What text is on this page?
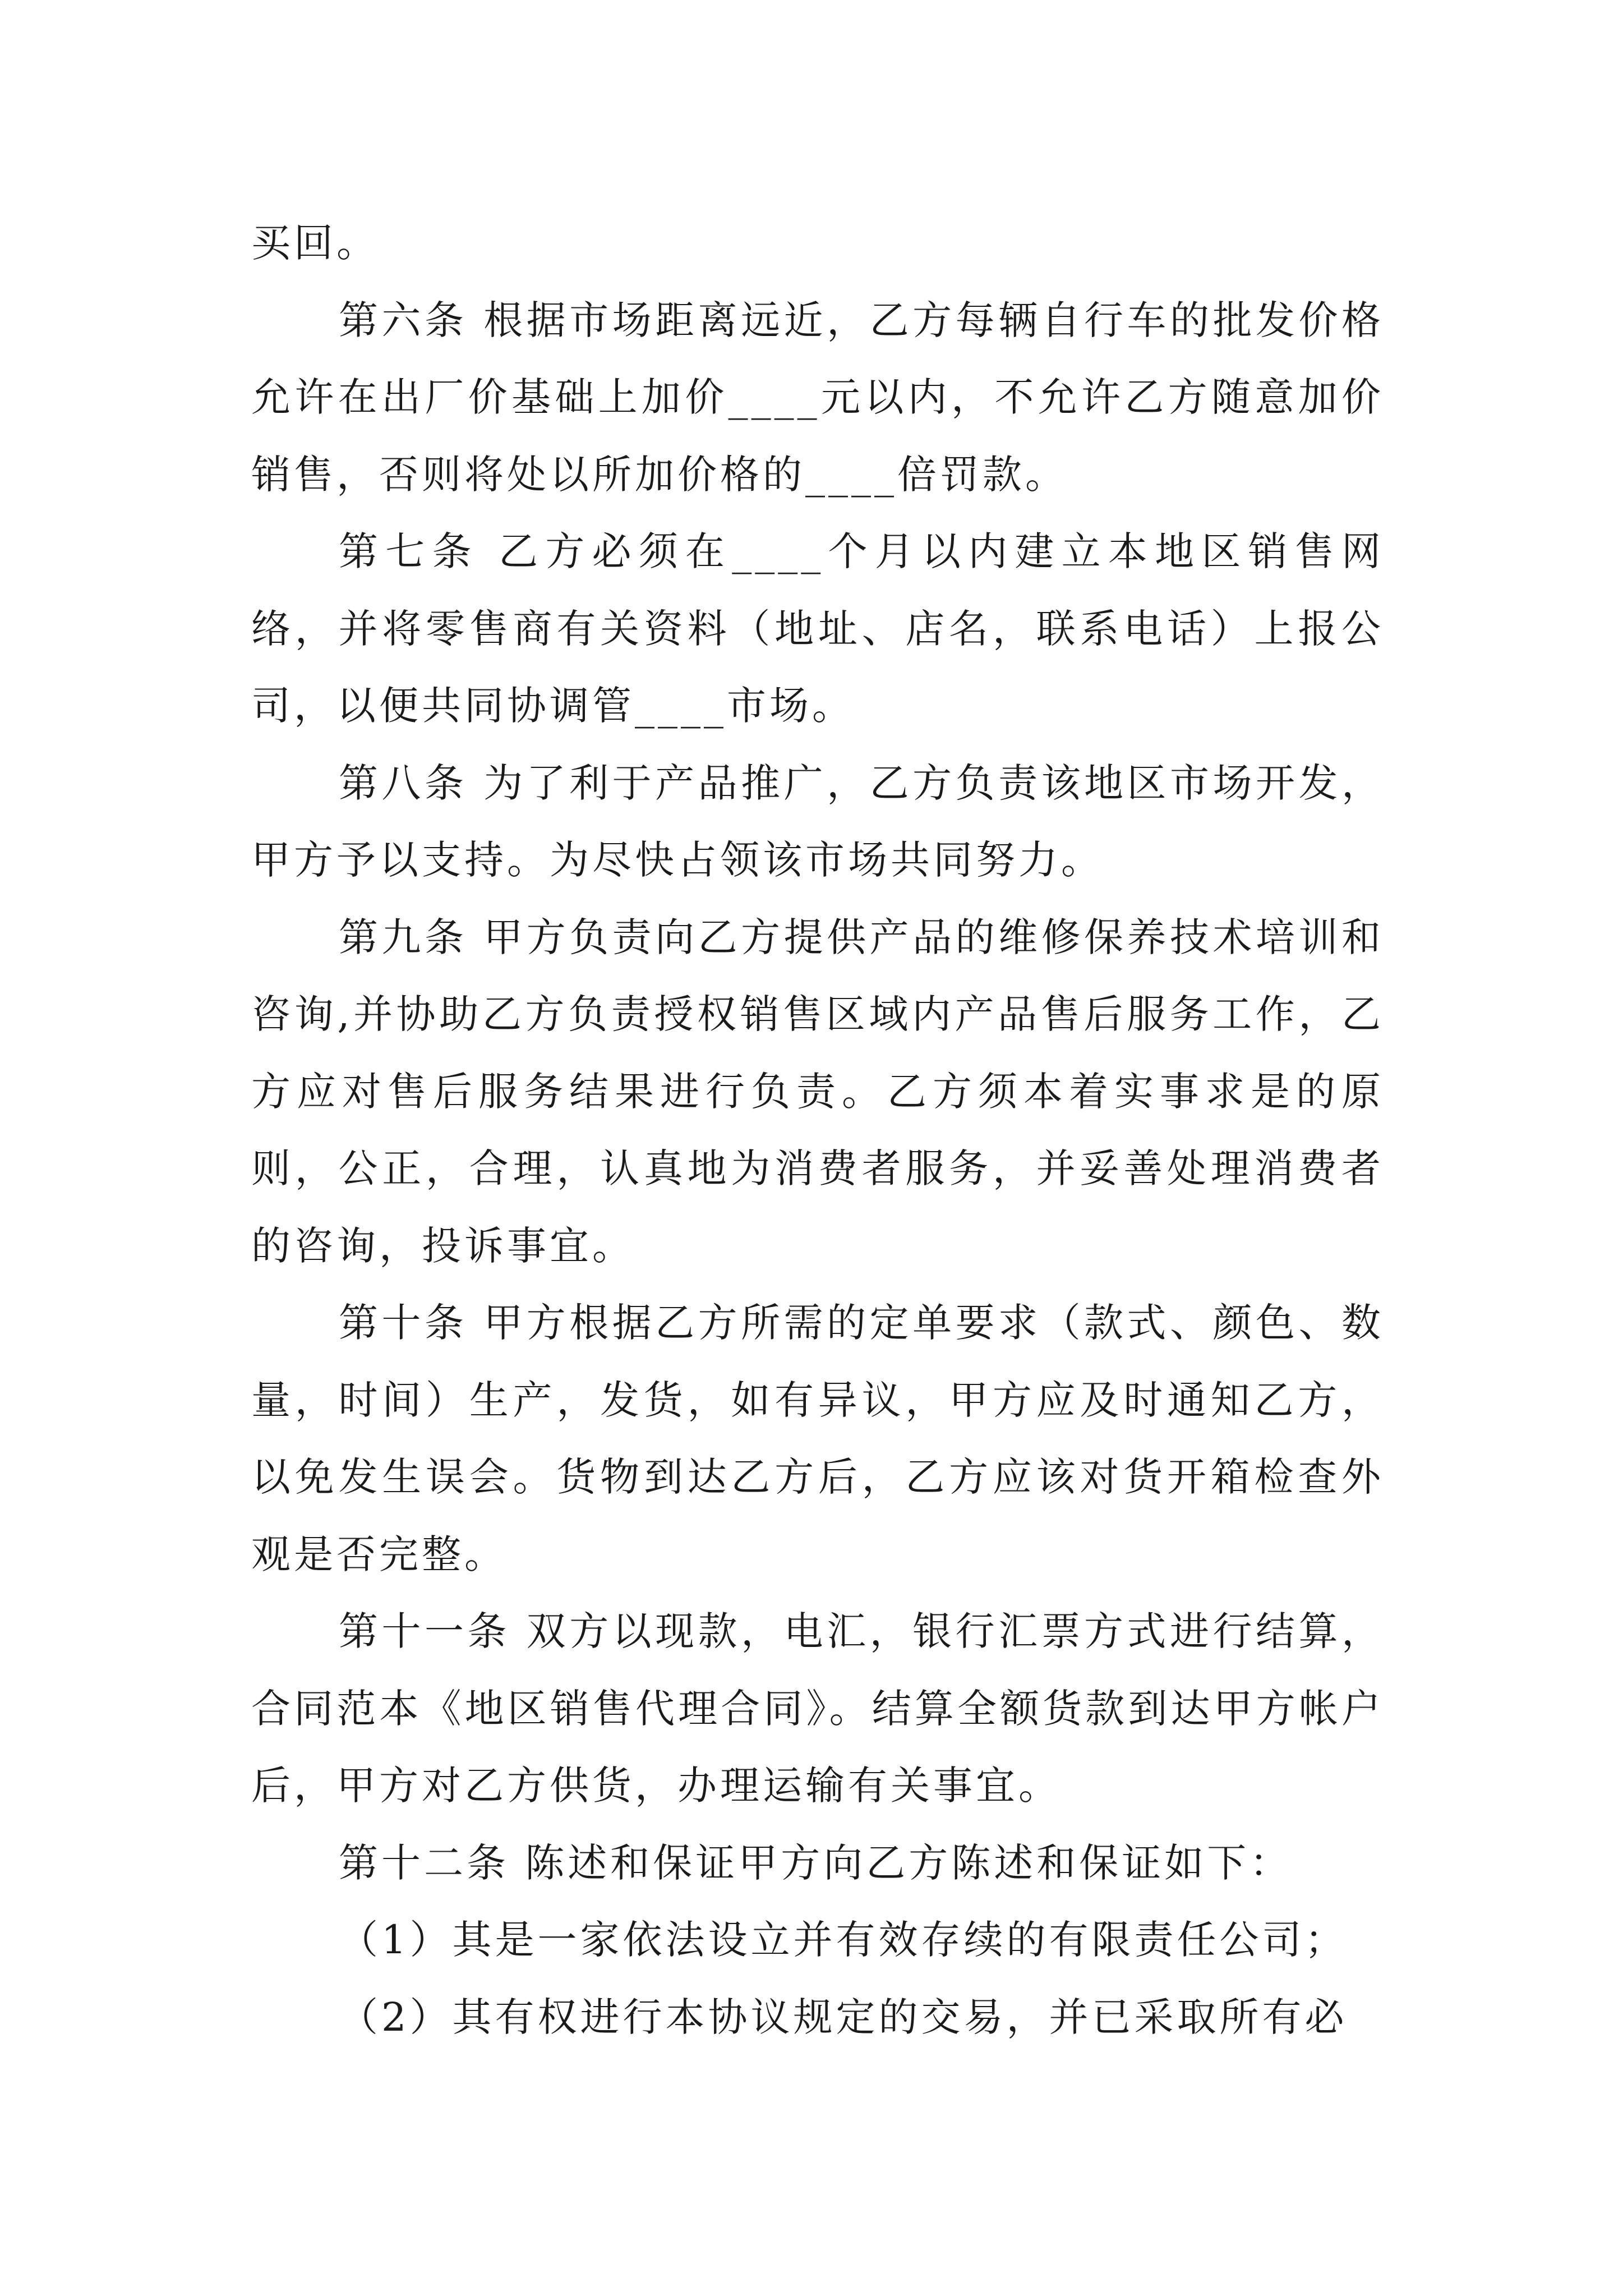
买回。

第六条 根据市场距离远近，乙方每辆自行车的批发价格允许在出厂价基础上加价____元以内，不允许乙方随意加价销售，否则将处以所加价格的____倍罚款。

第七条 乙方必须在____个月以内建立本地区销售网络，并将零售商有关资料（地址、店名，联系电话）上报公司，以便共同协调管____市场。

第八条 为了利于产品推广，乙方负责该地区市场开发，甲方予以支持。为尽快占领该市场共同努力。

第九条 甲方负责向乙方提供产品的维修保养技术培训和咨询,并协助乙方负责授权销售区域内产品售后服务工作，乙方应对售后服务结果进行负责。乙方须本着实事求是的原则，公正，合理，认真地为消费者服务，并妥善处理消费者的咨询，投诉事宜。

第十条 甲方根据乙方所需的定单要求（款式、颜色、数量，时间）生产，发货，如有异议，甲方应及时通知乙方，以免发生误会。货物到达乙方后，乙方应该对货开箱检查外观是否完整。

第十一条 双方以现款，电汇，银行汇票方式进行结算，合同范本《地区销售代理合同》。结算全额货款到达甲方帐户后，甲方对乙方供货，办理运输有关事宜。

第十二条 陈述和保证甲方向乙方陈述和保证如下：

（1）其是一家依法设立并有效存续的有限责任公司；

（2）其有权进行本协议规定的交易，并已采取所有必
